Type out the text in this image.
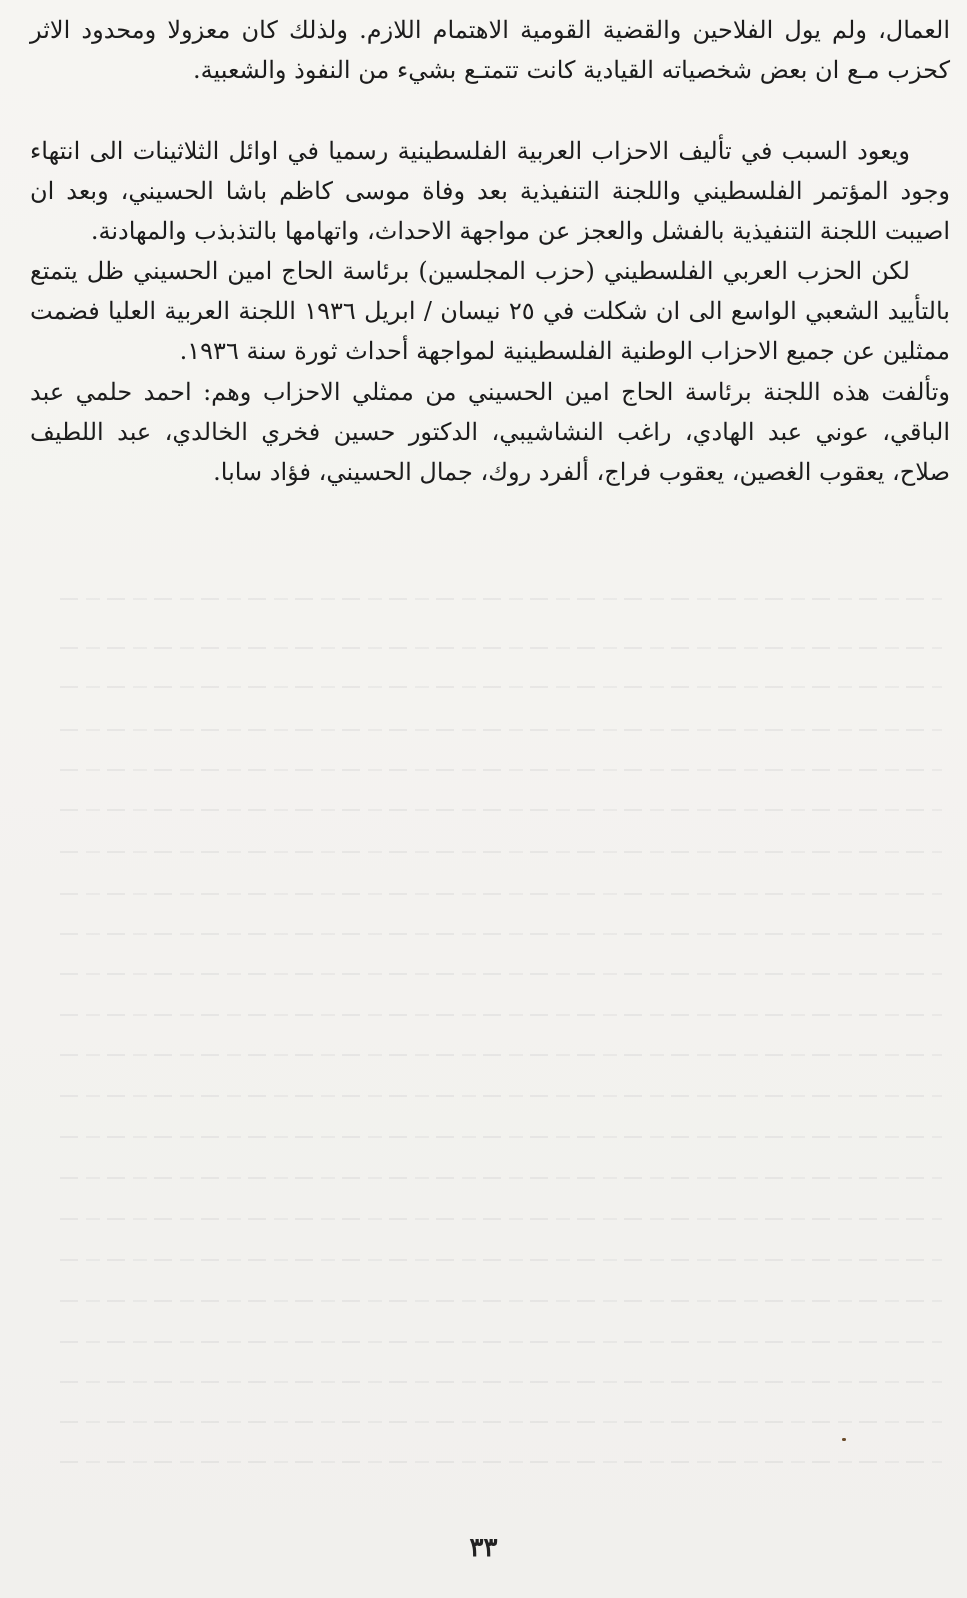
العمال، ولم يول الفلاحين والقضية القومية الاهتمام اللازم. ولذلك كان معزولا ومحدود الاثر كحزب مـع ان بعض شخصياته القيادية كانت تتمتـع بشيء من النفوذ والشعبية.

ويعود السبب في تأليف الاحزاب العربية الفلسطينية رسميا في اوائل الثلاثينات الى انتهاء وجود المؤتمر الفلسطيني واللجنة التنفيذية بعد وفاة موسى كاظم باشا الحسيني، وبعد ان اصيبت اللجنة التنفيذية بالفشل والعجز عن مواجهة الاحداث، واتهامها بالتذبذب والمهادنة.

لكن الحزب العربي الفلسطيني (حزب المجلسين) برئاسة الحاج امين الحسيني ظل يتمتع بالتأييد الشعبي الواسع الى ان شكلت في ٢٥ نيسان / ابريل ١٩٣٦ اللجنة العربية العليا فضمت ممثلين عن جميع الاحزاب الوطنية الفلسطينية لمواجهة أحداث ثورة سنة ١٩٣٦.

وتألفت هذه اللجنة برئاسة الحاج امين الحسيني من ممثلي الاحزاب وهم: احمد حلمي عبد الباقي، عوني عبد الهادي، راغب النشاشيبي، الدكتور حسين فخري الخالدي، عبد اللطيف صلاح، يعقوب الغصين، يعقوب فراج، ألفرد روك، جمال الحسيني، فؤاد سابا.

٣٣
